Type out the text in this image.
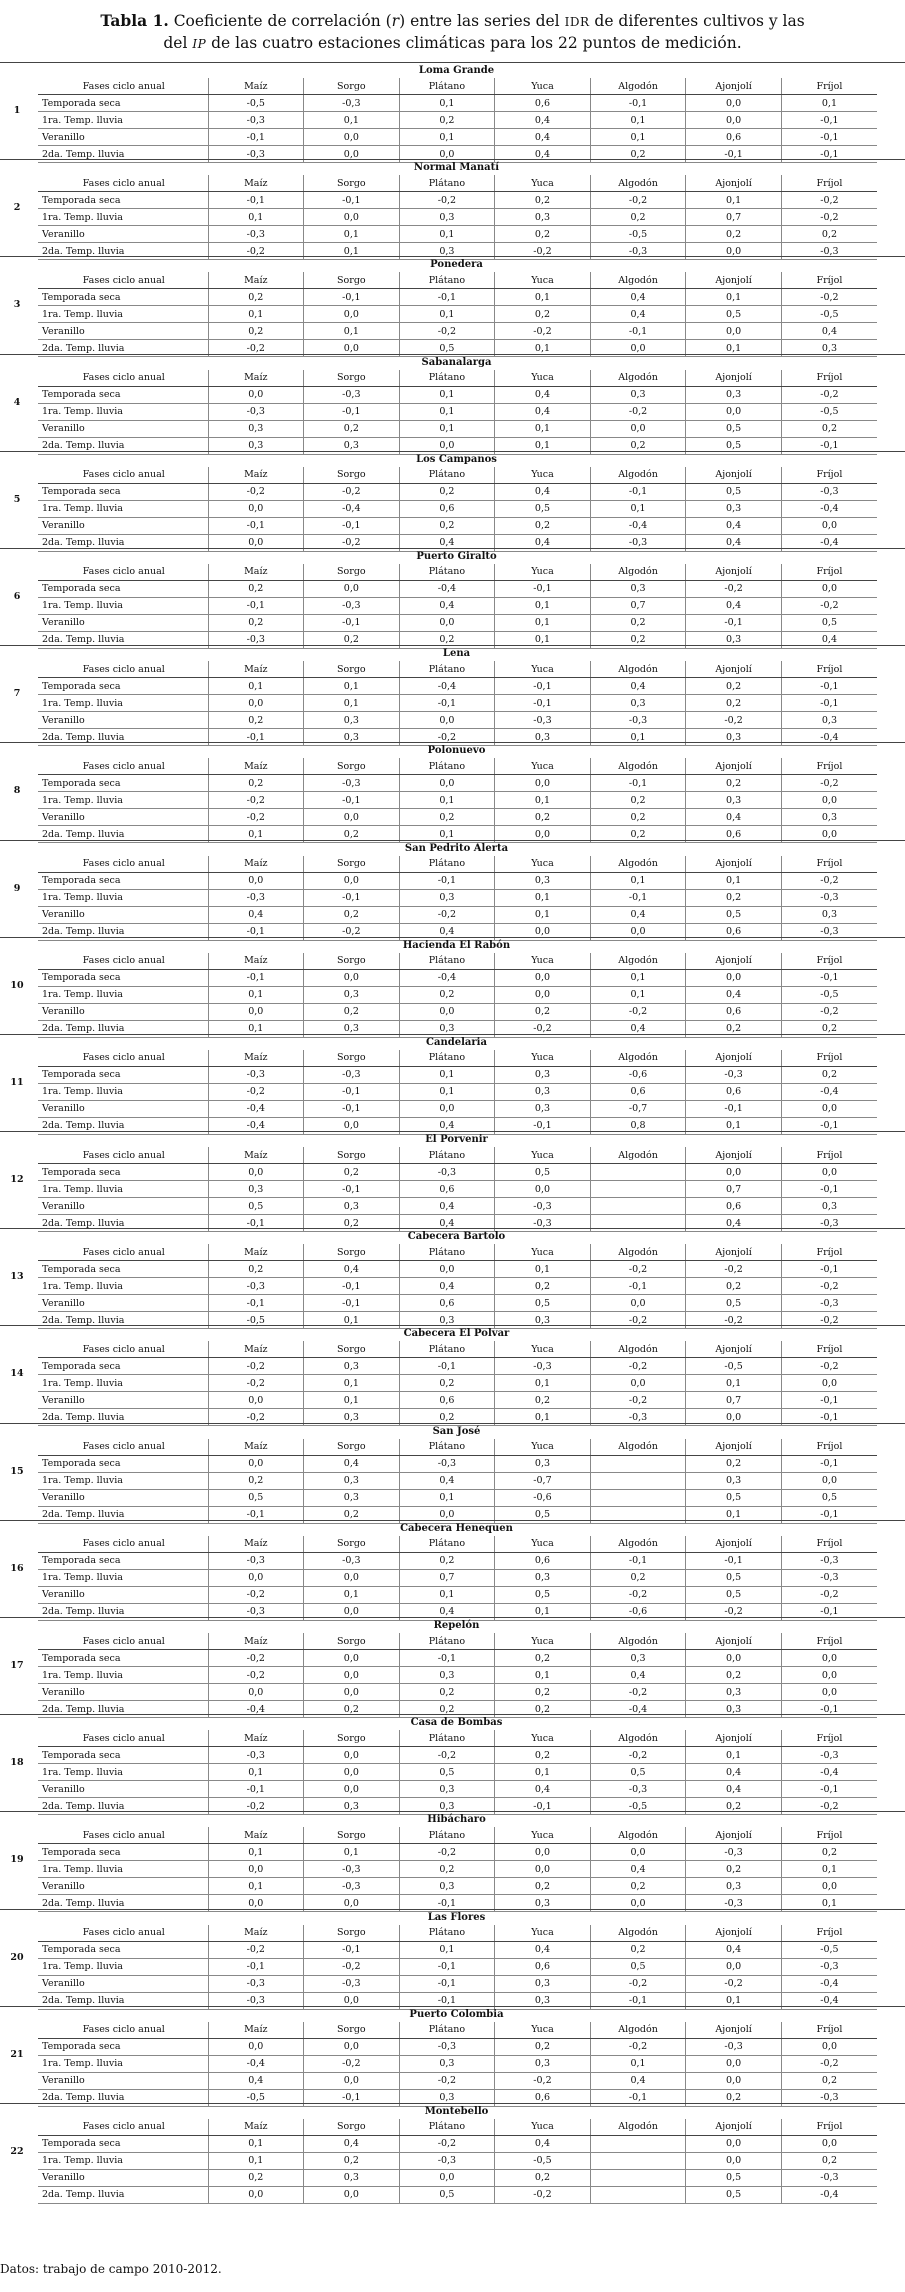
Tabla 1. Coeficiente de correlación (r) entre las series del IDR de diferentes cultivos y las
del IP de las cuatro estaciones climáticas para los 22 puntos de medición.
1
Loma Grande
Fases ciclo anual	Maíz	Sorgo	Plátano	Yuca	Algodón	Ajonjolí	Fríjol
Temporada seca	-0,5	-0,3	0,1	0,6	-0,1	0,0	0,1
1ra. Temp. lluvia	-0,3	0,1	0,2	0,4	0,1	0,0	-0,1
Veranillo	-0,1	0,0	0,1	0,4	0,1	0,6	-0,1
2da. Temp. lluvia	-0,3	0,0	0,0	0,4	0,2	-0,1	-0,1
2
Normal Manatí
Fases ciclo anual	Maíz	Sorgo	Plátano	Yuca	Algodón	Ajonjolí	Fríjol
Temporada seca	-0,1	-0,1	-0,2	0,2	-0,2	0,1	-0,2
1ra. Temp. lluvia	0,1	0,0	0,3	0,3	0,2	0,7	-0,2
Veranillo	-0,3	0,1	0,1	0,2	-0,5	0,2	0,2
2da. Temp. lluvia	-0,2	0,1	0,3	-0,2	-0,3	0,0	-0,3
3
Ponedera
Fases ciclo anual	Maíz	Sorgo	Plátano	Yuca	Algodón	Ajonjolí	Fríjol
Temporada seca	0,2	-0,1	-0,1	0,1	0,4	0,1	-0,2
1ra. Temp. lluvia	0,1	0,0	0,1	0,2	0,4	0,5	-0,5
Veranillo	0,2	0,1	-0,2	-0,2	-0,1	0,0	0,4
2da. Temp. lluvia	-0,2	0,0	0,5	0,1	0,0	0,1	0,3
4
Sabanalarga
Fases ciclo anual	Maíz	Sorgo	Plátano	Yuca	Algodón	Ajonjolí	Fríjol
Temporada seca	0,0	-0,3	0,1	0,4	0,3	0,3	-0,2
1ra. Temp. lluvia	-0,3	-0,1	0,1	0,4	-0,2	0,0	-0,5
Veranillo	0,3	0,2	0,1	0,1	0,0	0,5	0,2
2da. Temp. lluvia	0,3	0,3	0,0	0,1	0,2	0,5	-0,1
5
Los Campanos
Fases ciclo anual	Maíz	Sorgo	Plátano	Yuca	Algodón	Ajonjolí	Fríjol
Temporada seca	-0,2	-0,2	0,2	0,4	-0,1	0,5	-0,3
1ra. Temp. lluvia	0,0	-0,4	0,6	0,5	0,1	0,3	-0,4
Veranillo	-0,1	-0,1	0,2	0,2	-0,4	0,4	0,0
2da. Temp. lluvia	0,0	-0,2	0,4	0,4	-0,3	0,4	-0,4
6
Puerto Giralto
Fases ciclo anual	Maíz	Sorgo	Plátano	Yuca	Algodón	Ajonjolí	Fríjol
Temporada seca	0,2	0,0	-0,4	-0,1	0,3	-0,2	0,0
1ra. Temp. lluvia	-0,1	-0,3	0,4	0,1	0,7	0,4	-0,2
Veranillo	0,2	-0,1	0,0	0,1	0,2	-0,1	0,5
2da. Temp. lluvia	-0,3	0,2	0,2	0,1	0,2	0,3	0,4
7
Lena
Fases ciclo anual	Maíz	Sorgo	Plátano	Yuca	Algodón	Ajonjolí	Fríjol
Temporada seca	0,1	0,1	-0,4	-0,1	0,4	0,2	-0,1
1ra. Temp. lluvia	0,0	0,1	-0,1	-0,1	0,3	0,2	-0,1
Veranillo	0,2	0,3	0,0	-0,3	-0,3	-0,2	0,3
2da. Temp. lluvia	-0,1	0,3	-0,2	0,3	0,1	0,3	-0,4
8
Polonuevo
Fases ciclo anual	Maíz	Sorgo	Plátano	Yuca	Algodón	Ajonjolí	Fríjol
Temporada seca	0,2	-0,3	0,0	0,0	-0,1	0,2	-0,2
1ra. Temp. lluvia	-0,2	-0,1	0,1	0,1	0,2	0,3	0,0
Veranillo	-0,2	0,0	0,2	0,2	0,2	0,4	0,3
2da. Temp. lluvia	0,1	0,2	0,1	0,0	0,2	0,6	0,0
9
San Pedrito Alerta
Fases ciclo anual	Maíz	Sorgo	Plátano	Yuca	Algodón	Ajonjolí	Fríjol
Temporada seca	0,0	0,0	-0,1	0,3	0,1	0,1	-0,2
1ra. Temp. lluvia	-0,3	-0,1	0,3	0,1	-0,1	0,2	-0,3
Veranillo	0,4	0,2	-0,2	0,1	0,4	0,5	0,3
2da. Temp. lluvia	-0,1	-0,2	0,4	0,0	0,0	0,6	-0,3
10
Hacienda El Rabón
Fases ciclo anual	Maíz	Sorgo	Plátano	Yuca	Algodón	Ajonjolí	Fríjol
Temporada seca	-0,1	0,0	-0,4	0,0	0,1	0,0	-0,1
1ra. Temp. lluvia	0,1	0,3	0,2	0,0	0,1	0,4	-0,5
Veranillo	0,0	0,2	0,0	0,2	-0,2	0,6	-0,2
2da. Temp. lluvia	0,1	0,3	0,3	-0,2	0,4	0,2	0,2
11
Candelaria
Fases ciclo anual	Maíz	Sorgo	Plátano	Yuca	Algodón	Ajonjolí	Fríjol
Temporada seca	-0,3	-0,3	0,1	0,3	-0,6	-0,3	0,2
1ra. Temp. lluvia	-0,2	-0,1	0,1	0,3	0,6	0,6	-0,4
Veranillo	-0,4	-0,1	0,0	0,3	-0,7	-0,1	0,0
2da. Temp. lluvia	-0,4	0,0	0,4	-0,1	0,8	0,1	-0,1
12
El Porvenir
Fases ciclo anual	Maíz	Sorgo	Plátano	Yuca	Algodón	Ajonjolí	Fríjol
Temporada seca	0,0	0,2	-0,3	0,5		0,0	0,0
1ra. Temp. lluvia	0,3	-0,1	0,6	0,0		0,7	-0,1
Veranillo	0,5	0,3	0,4	-0,3		0,6	0,3
2da. Temp. lluvia	-0,1	0,2	0,4	-0,3		0,4	-0,3
13
Cabecera Bartolo
Fases ciclo anual	Maíz	Sorgo	Plátano	Yuca	Algodón	Ajonjolí	Fríjol
Temporada seca	0,2	0,4	0,0	0,1	-0,2	-0,2	-0,1
1ra. Temp. lluvia	-0,3	-0,1	0,4	0,2	-0,1	0,2	-0,2
Veranillo	-0,1	-0,1	0,6	0,5	0,0	0,5	-0,3
2da. Temp. lluvia	-0,5	0,1	0,3	0,3	-0,2	-0,2	-0,2
14
Cabecera El Polvar
Fases ciclo anual	Maíz	Sorgo	Plátano	Yuca	Algodón	Ajonjolí	Fríjol
Temporada seca	-0,2	0,3	-0,1	-0,3	-0,2	-0,5	-0,2
1ra. Temp. lluvia	-0,2	0,1	0,2	0,1	0,0	0,1	0,0
Veranillo	0,0	0,1	0,6	0,2	-0,2	0,7	-0,1
2da. Temp. lluvia	-0,2	0,3	0,2	0,1	-0,3	0,0	-0,1
15
San José
Fases ciclo anual	Maíz	Sorgo	Plátano	Yuca	Algodón	Ajonjolí	Fríjol
Temporada seca	0,0	0,4	-0,3	0,3		0,2	-0,1
1ra. Temp. lluvia	0,2	0,3	0,4	-0,7		0,3	0,0
Veranillo	0,5	0,3	0,1	-0,6		0,5	0,5
2da. Temp. lluvia	-0,1	0,2	0,0	0,5		0,1	-0,1
16
Cabecera Henequen
Fases ciclo anual	Maíz	Sorgo	Plátano	Yuca	Algodón	Ajonjolí	Fríjol
Temporada seca	-0,3	-0,3	0,2	0,6	-0,1	-0,1	-0,3
1ra. Temp. lluvia	0,0	0,0	0,7	0,3	0,2	0,5	-0,3
Veranillo	-0,2	0,1	0,1	0,5	-0,2	0,5	-0,2
2da. Temp. lluvia	-0,3	0,0	0,4	0,1	-0,6	-0,2	-0,1
17
Repelón
Fases ciclo anual	Maíz	Sorgo	Plátano	Yuca	Algodón	Ajonjolí	Fríjol
Temporada seca	-0,2	0,0	-0,1	0,2	0,3	0,0	0,0
1ra. Temp. lluvia	-0,2	0,0	0,3	0,1	0,4	0,2	0,0
Veranillo	0,0	0,0	0,2	0,2	-0,2	0,3	0,0
2da. Temp. lluvia	-0,4	0,2	0,2	0,2	-0,4	0,3	-0,1
18
Casa de Bombas
Fases ciclo anual	Maíz	Sorgo	Plátano	Yuca	Algodón	Ajonjolí	Fríjol
Temporada seca	-0,3	0,0	-0,2	0,2	-0,2	0,1	-0,3
1ra. Temp. lluvia	0,1	0,0	0,5	0,1	0,5	0,4	-0,4
Veranillo	-0,1	0,0	0,3	0,4	-0,3	0,4	-0,1
2da. Temp. lluvia	-0,2	0,3	0,3	-0,1	-0,5	0,2	-0,2
19
Hibácharo
Fases ciclo anual	Maíz	Sorgo	Plátano	Yuca	Algodón	Ajonjolí	Fríjol
Temporada seca	0,1	0,1	-0,2	0,0	0,0	-0,3	0,2
1ra. Temp. lluvia	0,0	-0,3	0,2	0,0	0,4	0,2	0,1
Veranillo	0,1	-0,3	0,3	0,2	0,2	0,3	0,0
2da. Temp. lluvia	0,0	0,0	-0,1	0,3	0,0	-0,3	0,1
20
Las Flores
Fases ciclo anual	Maíz	Sorgo	Plátano	Yuca	Algodón	Ajonjolí	Fríjol
Temporada seca	-0,2	-0,1	0,1	0,4	0,2	0,4	-0,5
1ra. Temp. lluvia	-0,1	-0,2	-0,1	0,6	0,5	0,0	-0,3
Veranillo	-0,3	-0,3	-0,1	0,3	-0,2	-0,2	-0,4
2da. Temp. lluvia	-0,3	0,0	-0,1	0,3	-0,1	0,1	-0,4
21
Puerto Colombia
Fases ciclo anual	Maíz	Sorgo	Plátano	Yuca	Algodón	Ajonjolí	Fríjol
Temporada seca	0,0	0,0	-0,3	0,2	-0,2	-0,3	0,0
1ra. Temp. lluvia	-0,4	-0,2	0,3	0,3	0,1	0,0	-0,2
Veranillo	0,4	0,0	-0,2	-0,2	0,4	0,0	0,2
2da. Temp. lluvia	-0,5	-0,1	0,3	0,6	-0,1	0,2	-0,3
22
Montebello
Fases ciclo anual	Maíz	Sorgo	Plátano	Yuca	Algodón	Ajonjolí	Fríjol
Temporada seca	0,1	0,4	-0,2	0,4		0,0	0,0
1ra. Temp. lluvia	0,1	0,2	-0,3	-0,5		0,0	0,2
Veranillo	0,2	0,3	0,0	0,2		0,5	-0,3
2da. Temp. lluvia	0,0	0,0	0,5	-0,2		0,5	-0,4
Datos: trabajo de campo 2010-2012.
